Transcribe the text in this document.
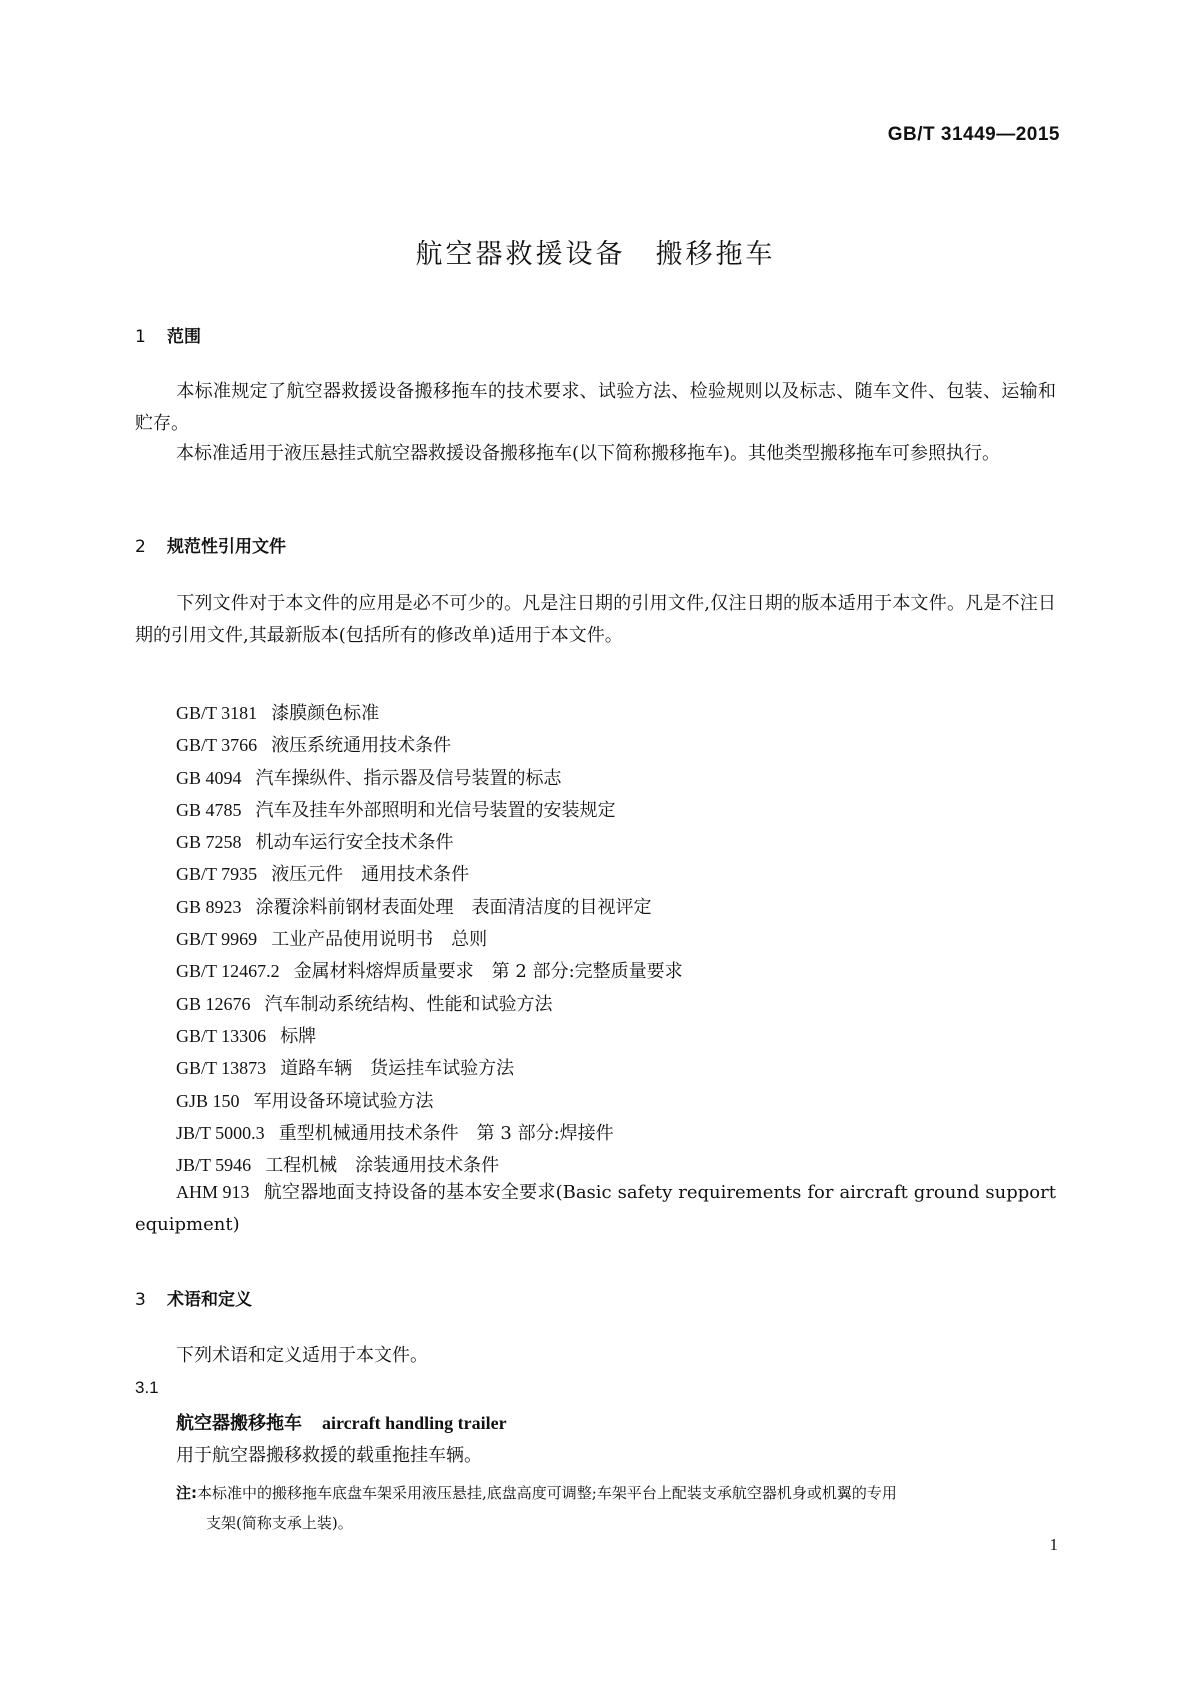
GB/T 31449—2015
航空器救援设备　搬移拖车
1 范围
本标准规定了航空器救援设备搬移拖车的技术要求、试验方法、检验规则以及标志、随车文件、包装、运输和贮存。
本标准适用于液压悬挂式航空器救援设备搬移拖车(以下简称搬移拖车)。其他类型搬移拖车可参照执行。
2 规范性引用文件
下列文件对于本文件的应用是必不可少的。凡是注日期的引用文件,仅注日期的版本适用于本文件。凡是不注日期的引用文件,其最新版本(包括所有的修改单)适用于本文件。
GB/T 3181 漆膜颜色标准
GB/T 3766 液压系统通用技术条件
GB 4094 汽车操纵件、指示器及信号装置的标志
GB 4785 汽车及挂车外部照明和光信号装置的安装规定
GB 7258 机动车运行安全技术条件
GB/T 7935 液压元件　通用技术条件
GB 8923 涂覆涂料前钢材表面处理　表面清洁度的目视评定
GB/T 9969 工业产品使用说明书　总则
GB/T 12467.2 金属材料熔焊质量要求　第 2 部分:完整质量要求
GB 12676 汽车制动系统结构、性能和试验方法
GB/T 13306 标牌
GB/T 13873 道路车辆　货运挂车试验方法
GJB 150 军用设备环境试验方法
JB/T 5000.3 重型机械通用技术条件　第 3 部分:焊接件
JB/T 5946 工程机械　涂装通用技术条件
AHM 913 航空器地面支持设备的基本安全要求(Basic safety requirements for aircraft ground support equipment)
3 术语和定义
下列术语和定义适用于本文件。
3.1
航空器搬移拖车 aircraft handling trailer
用于航空器搬移救援的载重拖挂车辆。
注:本标准中的搬移拖车底盘车架采用液压悬挂,底盘高度可调整;车架平台上配装支承航空器机身或机翼的专用
支架(简称支承上装)。
1
